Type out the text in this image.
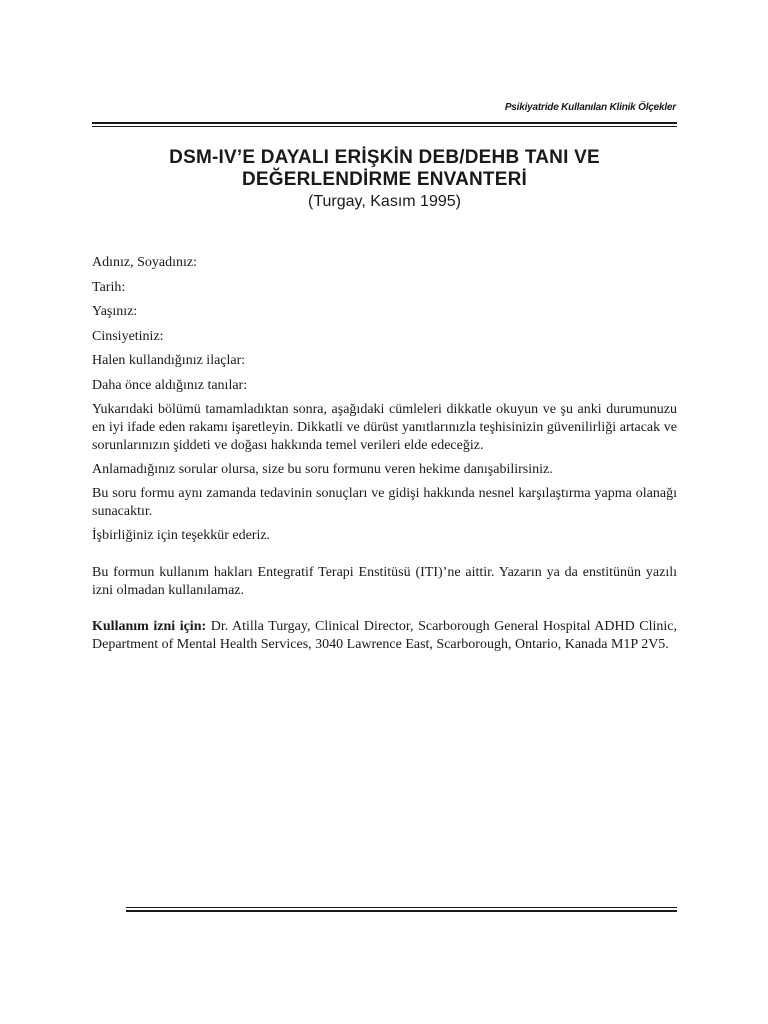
Psikiyatride Kullanılan Klinik Ölçekler
DSM-IV’E DAYALI ERİŞKİN DEB/DEHB TANI VE
DEĞERLENDİRME ENVANTERİ
(Turgay, Kasım 1995)

Adınız, Soyadınız:

Tarih:

Yaşınız:

Cinsiyetiniz:

Halen kullandığınız ilaçlar:

Daha önce aldığınız tanılar:

Yukarıdaki bölümü tamamladıktan sonra, aşağıdaki cümleleri dikkatle okuyun ve şu anki durumunuzu en iyi ifade eden rakamı işaretleyin. Dikkatli ve dürüst yanıtlarınızla teşhisinizin güvenilirliği artacak ve sorunlarınızın şiddeti ve doğası hakkında temel verileri elde edeceğiz.

Anlamadığınız sorular olursa, size bu soru formunu veren hekime danışabilirsiniz.

Bu soru formu aynı zamanda tedavinin sonuçları ve gidişi hakkında nesnel karşılaştırma yapma olanağı sunacaktır.

İşbirliğiniz için teşekkür ederiz.

Bu formun kullanım hakları Entegratif Terapi Enstitüsü (ITI)’ne aittir. Yazarın ya da enstitünün yazılı izni olmadan kullanılamaz.

Kullanım izni için: Dr. Atilla Turgay, Clinical Director, Scarborough General Hospital ADHD Clinic, Department of Mental Health Services, 3040 Lawrence East, Scarborough, Ontario, Kanada M1P 2V5.
